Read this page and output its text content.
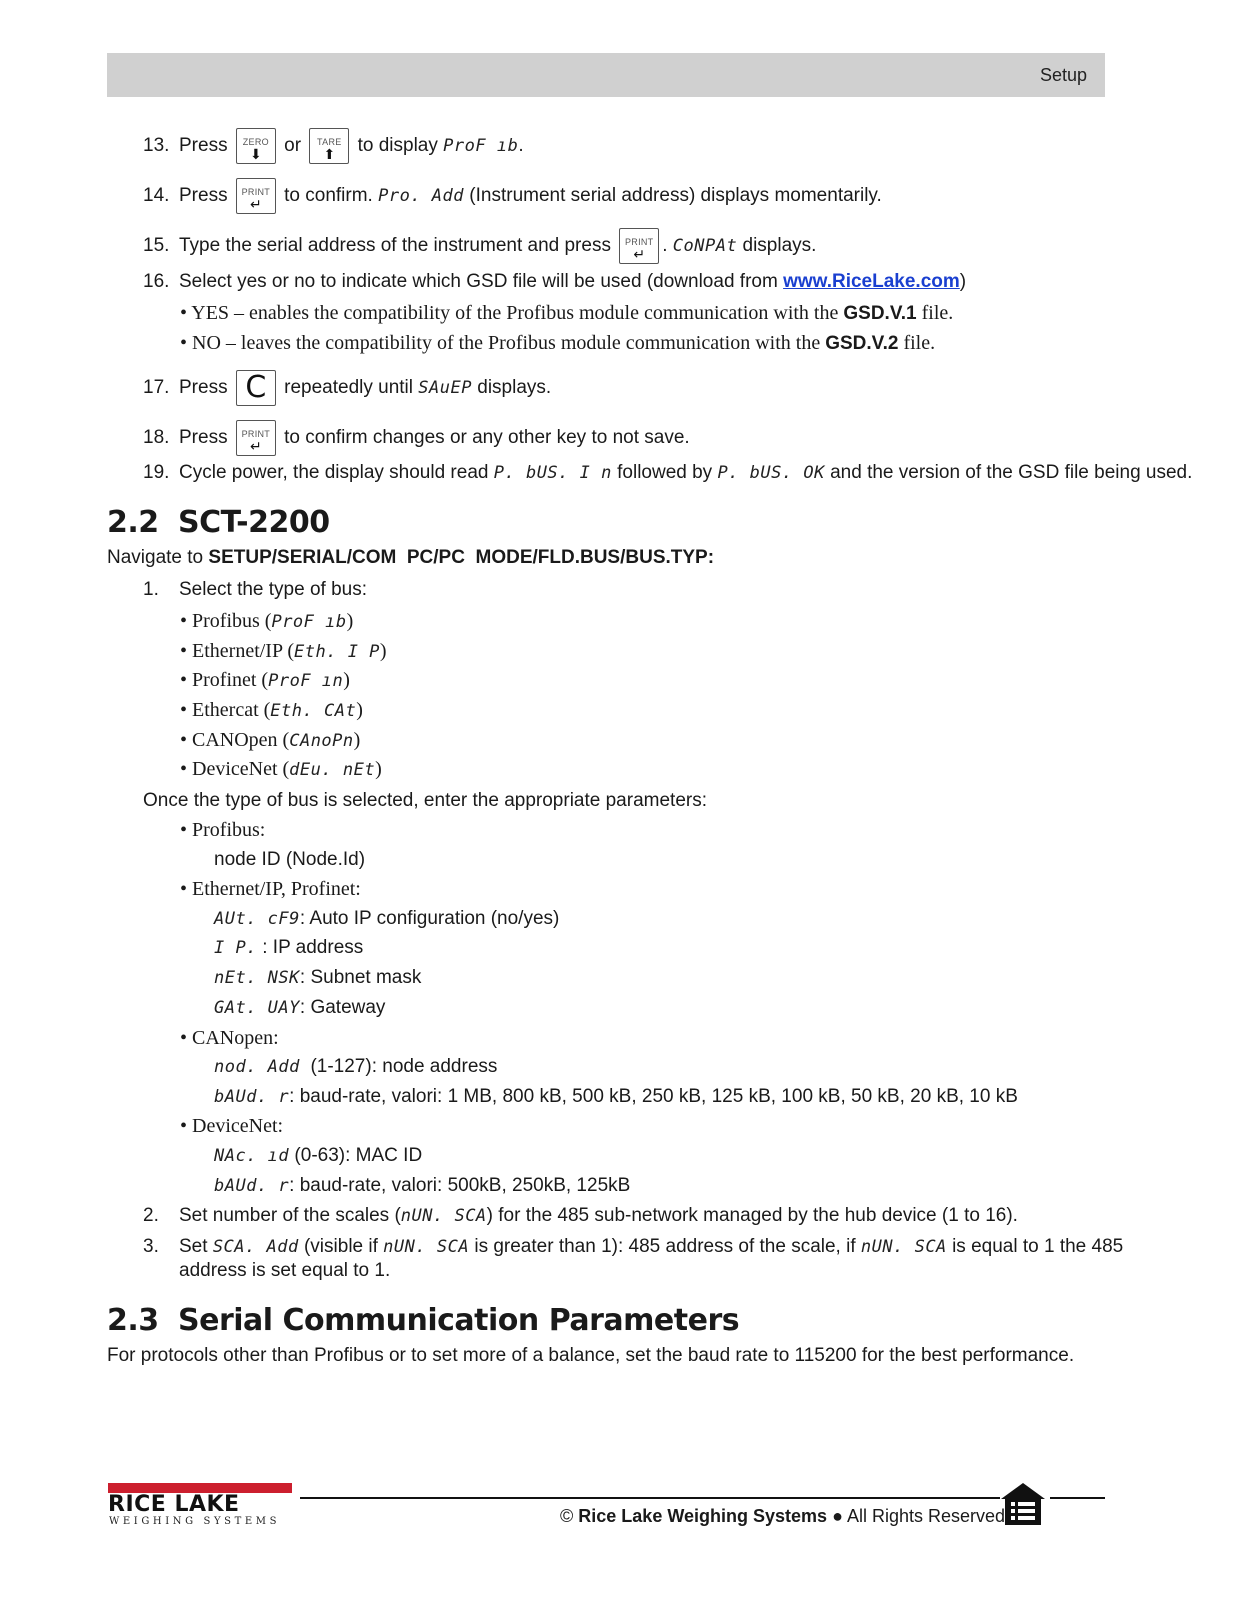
Setup
13. Press	ZERO
⬇	or	TARE
⬆	to display ProF ıb.
14. Press	PRINT
↵	to confirm. Pro. Add (Instrument serial address) displays momentarily.
15. Type the serial address of the instrument and press	PRINT
↵ . CoNPAt displays.
16. Select yes or no to indicate which GSD file will be used (download from www.RiceLake.com)
• YES – enables the compatibility of the Profibus module communication with the GSD.V.1 file.
• NO – leaves the compatibility of the Profibus module communication with the GSD.V.2 file.
17. Press C repeatedly until SAuEP displays.
18. Press	PRINT
↵	to confirm changes or any other key to not save.
19. Cycle power, the display should read P. bUS. I n followed by P. bUS. OK and the version of the GSD file being used.
2.2 SCT-2200
Navigate to SETUP/SERIAL/COM  PC/PC  MODE/FLD.BUS/BUS.TYP:
1. Select the type of bus:
• Profibus (ProF ıb)
• Ethernet/IP (Eth. I P)
• Profinet (ProF ın)
• Ethercat (Eth. CAt)
• CANOpen (CAnoPn)
• DeviceNet (dEu. nEt)
Once the type of bus is selected, enter the appropriate parameters:
• Profibus:
node ID (Node.Id)
• Ethernet/IP, Profinet:
AUt. cF9: Auto IP configuration (no/yes)
I P. : IP address
nEt. NSK: Subnet mask
GAt. UAY: Gateway
• CANopen:
nod. Add  (1-127): node address
bAUd. r: baud-rate, valori: 1 MB, 800 kB, 500 kB, 250 kB, 125 kB, 100 kB, 50 kB, 20 kB, 10 kB
• DeviceNet:
NAc. ıd (0-63): MAC ID
bAUd. r: baud-rate, valori: 500kB, 250kB, 125kB
2. Set number of the scales (nUN. SCA) for the 485 sub-network managed by the hub device (1 to 16).
3. Set SCA. Add (visible if nUN. SCA is greater than 1): 485 address of the scale, if nUN. SCA is equal to 1 the 485
address is set equal to 1.
2.3 Serial Communication Parameters
For protocols other than Profibus or to set more of a balance, set the baud rate to 115200 for the best performance.
RICE LAKE
WEIGHING SYSTEMS	© Rice Lake Weighing Systems ● All Rights Reserved
